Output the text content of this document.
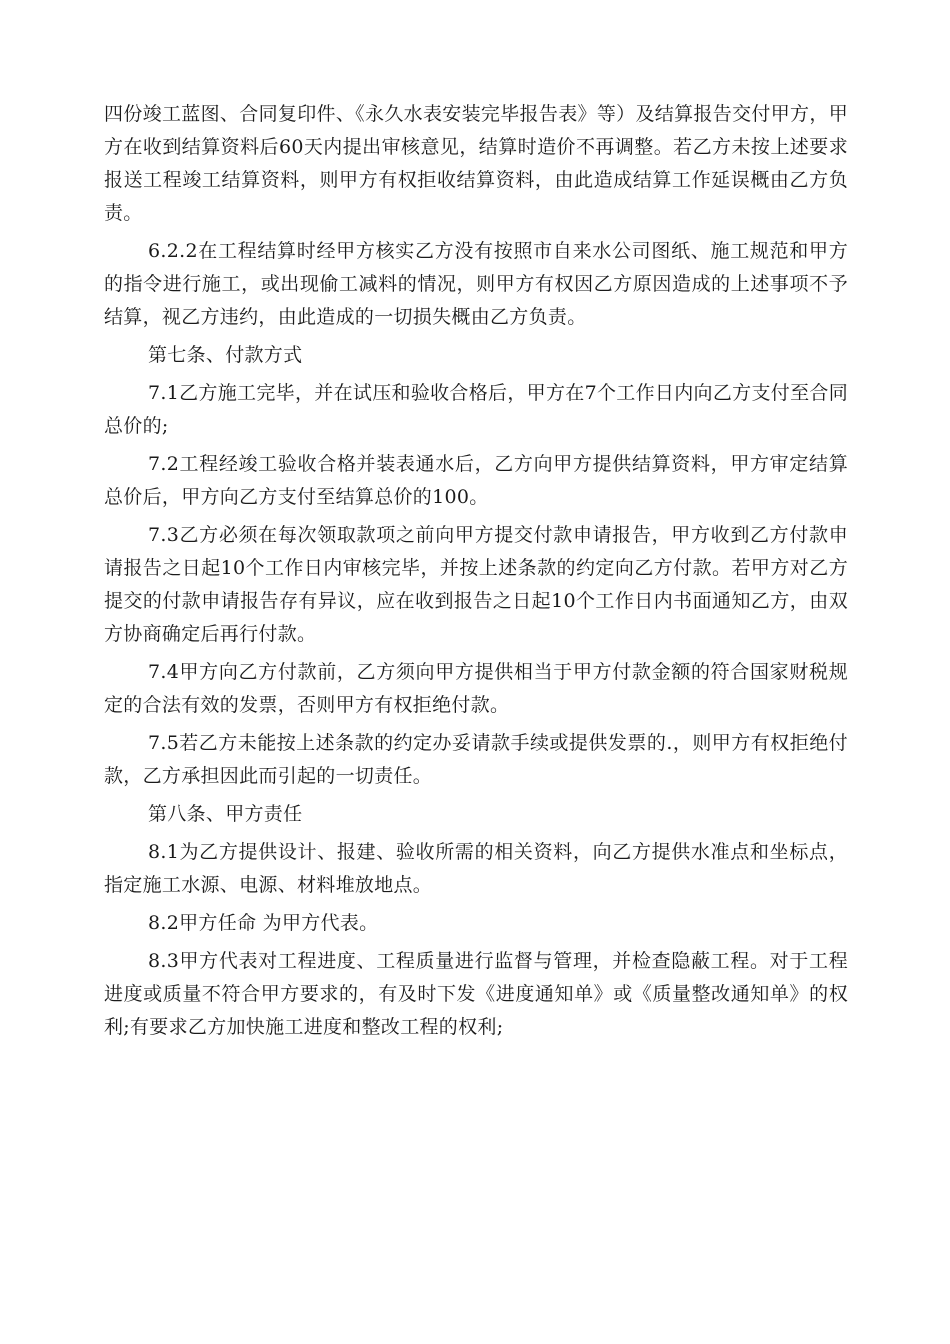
四份竣工蓝图、合同复印件、《永久水表安装完毕报告表》等）及结算报告交付甲方，甲方在收到结算资料后60天内提出审核意见，结算时造价不再调整。若乙方未按上述要求报送工程竣工结算资料，则甲方有权拒收结算资料，由此造成结算工作延误概由乙方负责。

6.2.2在工程结算时经甲方核实乙方没有按照市自来水公司图纸、施工规范和甲方的指令进行施工，或出现偷工减料的情况，则甲方有权因乙方原因造成的上述事项不予结算，视乙方违约，由此造成的一切损失概由乙方负责。

第七条、付款方式

7.1乙方施工完毕，并在试压和验收合格后，甲方在7个工作日内向乙方支付至合同总价的;

7.2工程经竣工验收合格并装表通水后，乙方向甲方提供结算资料，甲方审定结算总价后，甲方向乙方支付至结算总价的100。

7.3乙方必须在每次领取款项之前向甲方提交付款申请报告，甲方收到乙方付款申请报告之日起10个工作日内审核完毕，并按上述条款的约定向乙方付款。若甲方对乙方提交的付款申请报告存有异议，应在收到报告之日起10个工作日内书面通知乙方，由双方协商确定后再行付款。

7.4甲方向乙方付款前，乙方须向甲方提供相当于甲方付款金额的符合国家财税规定的合法有效的发票，否则甲方有权拒绝付款。

7.5若乙方未能按上述条款的约定办妥请款手续或提供发票的.，则甲方有权拒绝付款，乙方承担因此而引起的一切责任。

第八条、甲方责任

8.1为乙方提供设计、报建、验收所需的相关资料，向乙方提供水准点和坐标点，指定施工水源、电源、材料堆放地点。

8.2甲方任命 为甲方代表。

8.3甲方代表对工程进度、工程质量进行监督与管理，并检查隐蔽工程。对于工程进度或质量不符合甲方要求的，有及时下发《进度通知单》或《质量整改通知单》的权利;有要求乙方加快施工进度和整改工程的权利;
